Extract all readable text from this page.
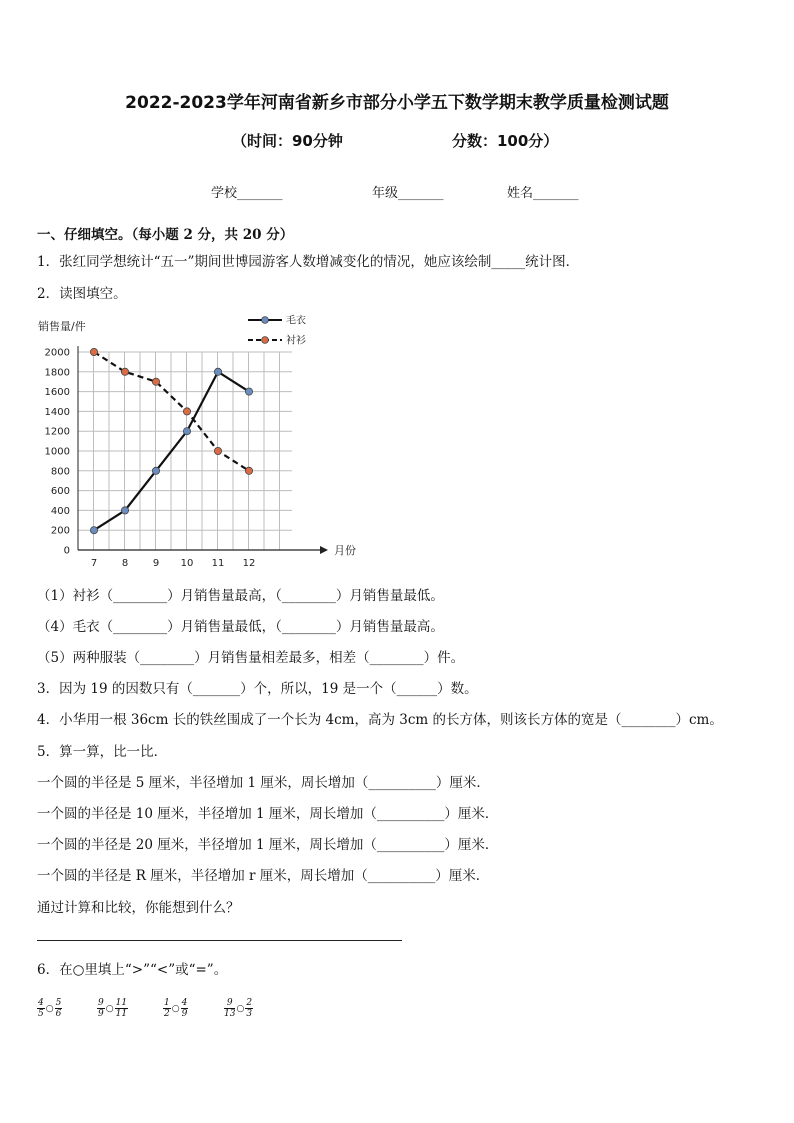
2022-2023学年河南省新乡市部分小学五下数学期末教学质量检测试题
（时间：90分钟	分数：100分）
学校_______	年级_______	姓名_______
一、仔细填空。（每小题 2 分，共 20 分）
1．张红同学想统计“五一”期间世博园游客人数增减变化的情况，她应该绘制_____统计图．
2．读图填空。
0
200
400
600
800
1000
1200
1400
1600
1800
2000
7 8 9 10 11 12
销售量/件
月份
毛衣
衬衫
（1）衬衫（________）月销售量最高，（________）月销售量最低。
（4）毛衣（________）月销售量最低，（________）月销售量最高。
（5）两种服装（________）月销售量相差最多，相差（________）件。
3．因为 19 的因数只有（_______）个，所以，19 是一个（______）数。
4．小华用一根 36cm 长的铁丝围成了一个长为 4cm，高为 3cm 的长方体，则该长方体的宽是（________）cm。
5．算一算，比一比．
一个圆的半径是 5 厘米，半径增加 1 厘米，周长增加（__________）厘米．
一个圆的半径是 10 厘米，半径增加 1 厘米，周长增加（__________）厘米．
一个圆的半径是 20 厘米，半径增加 1 厘米，周长增加（__________）厘米．
一个圆的半径是 R 厘米，半径增加 r 厘米，周长增加（__________）厘米．
通过计算和比较，你能想到什么？
6．在○里填上“>”“<”或“=”。
$\frac{4}{5}$ ○ $\frac{5}{6}$	$\frac{9}{9}$ ○ $\frac{11}{11}$	$\frac{1}{2}$ ○ $\frac{4}{9}$	$\frac{9}{13}$ ○ $\frac{2}{3}$
